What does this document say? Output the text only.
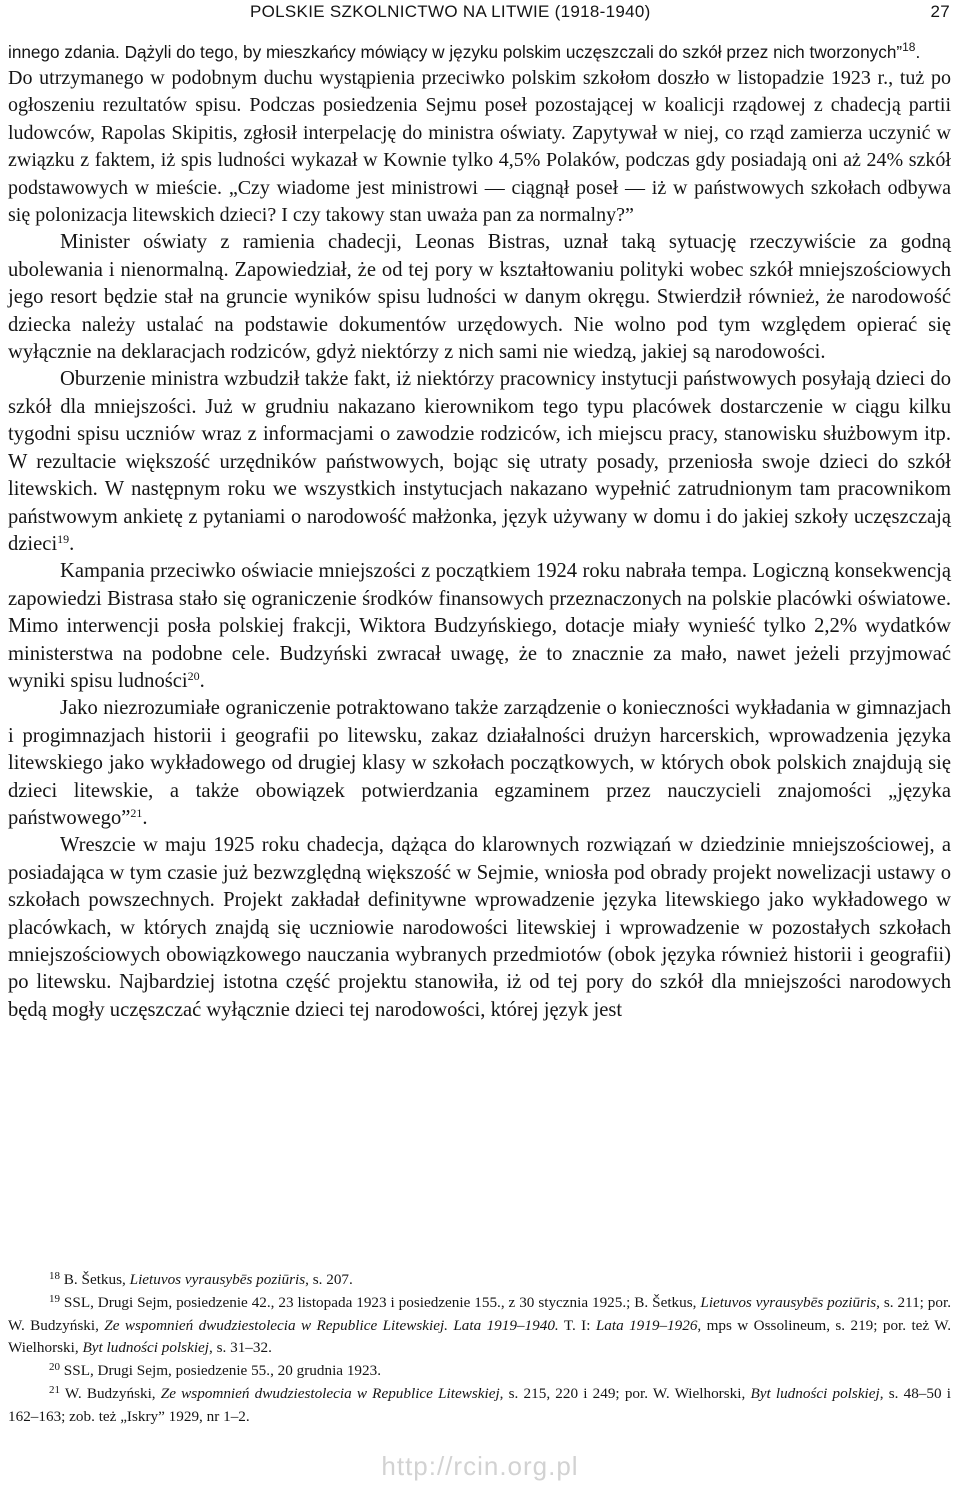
POLSKIE SZKOLNICTWO NA LITWIE (1918-1940)	27

innego zdania. Dążyli do tego, by mieszkańcy mówiący w języku polskim uczęszczali do szkół przez nich tworzonych”$^{18}$.

Do utrzymanego w podobnym duchu wystąpienia przeciwko polskim szkołom doszło w listopadzie 1923 r., tuż po ogłoszeniu rezultatów spisu. Podczas posiedzenia Sejmu poseł pozostającej w koalicji rządowej z chadecją partii ludowców, Rapolas Skipitis, zgłosił interpelację do ministra oświaty. Zapytywał w niej, co rząd zamierza uczynić w związku z faktem, iż spis ludności wykazał w Kownie tylko 4,5% Polaków, podczas gdy posiadają oni aż 24% szkół podstawowych w mieście. „Czy wiadome jest ministrowi — ciągnął poseł — iż w państwowych szkołach odbywa się polonizacja litewskich dzieci? I czy takowy stan uważa pan za normalny?”

Minister oświaty z ramienia chadecji, Leonas Bistras, uznał taką sytuację rzeczywiście za godną ubolewania i nienormalną. Zapowiedział, że od tej pory w kształtowaniu polityki wobec szkół mniejszościowych jego resort będzie stał na gruncie wyników spisu ludności w danym okręgu. Stwierdził również, że narodowość dziecka należy ustalać na podstawie dokumentów urzędowych. Nie wolno pod tym względem opierać się wyłącznie na deklaracjach rodziców, gdyż niektórzy z nich sami nie wiedzą, jakiej są narodowości.

Oburzenie ministra wzbudził także fakt, iż niektórzy pracownicy instytucji państwowych posyłają dzieci do szkół dla mniejszości. Już w grudniu nakazano kierownikom tego typu placówek dostarczenie w ciągu kilku tygodni spisu uczniów wraz z informacjami o zawodzie rodziców, ich miejscu pracy, stanowisku służbowym itp. W rezultacie większość urzędników państwowych, bojąc się utraty posady, przeniosła swoje dzieci do szkół litewskich. W następnym roku we wszystkich instytucjach nakazano wypełnić zatrudnionym tam pracownikom państwowym ankietę z pytaniami o narodowość małżonka, język używany w domu i do jakiej szkoły uczęszczają dzieci$^{19}$.

Kampania przeciwko oświacie mniejszości z początkiem 1924 roku nabrała tempa. Logiczną konsekwencją zapowiedzi Bistrasa stało się ograniczenie środków finansowych przeznaczonych na polskie placówki oświatowe. Mimo interwencji posła polskiej frakcji, Wiktora Budzyńskiego, dotacje miały wynieść tylko 2,2% wydatków ministerstwa na podobne cele. Budzyński zwracał uwagę, że to znacznie za mało, nawet jeżeli przyjmować wyniki spisu ludności$^{20}$.

Jako niezrozumiałe ograniczenie potraktowano także zarządzenie o konieczności wykładania w gimnazjach i progimnazjach historii i geografii po litewsku, zakaz działalności drużyn harcerskich, wprowadzenia języka litewskiego jako wykładowego od drugiej klasy w szkołach początkowych, w których obok polskich znajdują się dzieci litewskie, a także obowiązek potwierdzania egzaminem przez nauczycieli znajomości „języka państwowego”$^{21}$.

Wreszcie w maju 1925 roku chadecja, dążąca do klarownych rozwiązań w dziedzinie mniejszościowej, a posiadająca w tym czasie już bezwzględną większość w Sejmie, wniosła pod obrady projekt nowelizacji ustawy o szkołach powszechnych. Projekt zakładał definitywne wprowadzenie języka litewskiego jako wykładowego w placówkach, w których znajdą się uczniowie narodowości litewskiej i wprowadzenie w pozostałych szkołach mniejszościowych obowiązkowego nauczania wybranych przedmiotów (obok języka również historii i geografii) po litewsku. Najbardziej istotna część projektu stanowiła, iż od tej pory do szkół dla mniejszości narodowych będą mogły uczęszczać wyłącznie dzieci tej narodowości, której język jest

$^{18}$ B. Šetkus, Lietuvos vyrausybēs poziūris, s. 207.

$^{19}$ SSL, Drugi Sejm, posiedzenie 42., 23 listopada 1923 i posiedzenie 155., z 30 stycznia 1925.; B. Šetkus, Lietuvos vyrausybēs poziūris, s. 211; por. W. Budzyński, Ze wspomnień dwudziestolecia w Republice Litewskiej. Lata 1919–1940. T. I: Lata 1919–1926, mps w Ossolineum, s. 219; por. też W. Wielhorski, Byt ludności polskiej, s. 31–32.

$^{20}$ SSL, Drugi Sejm, posiedzenie 55., 20 grudnia 1923.

$^{21}$ W. Budzyński, Ze wspomnień dwudziestolecia w Republice Litewskiej, s. 215, 220 i 249; por. W. Wielhorski, Byt ludności polskiej, s. 48–50 i 162–163; zob. też „Iskry” 1929, nr 1–2.

http://rcin.org.pl
